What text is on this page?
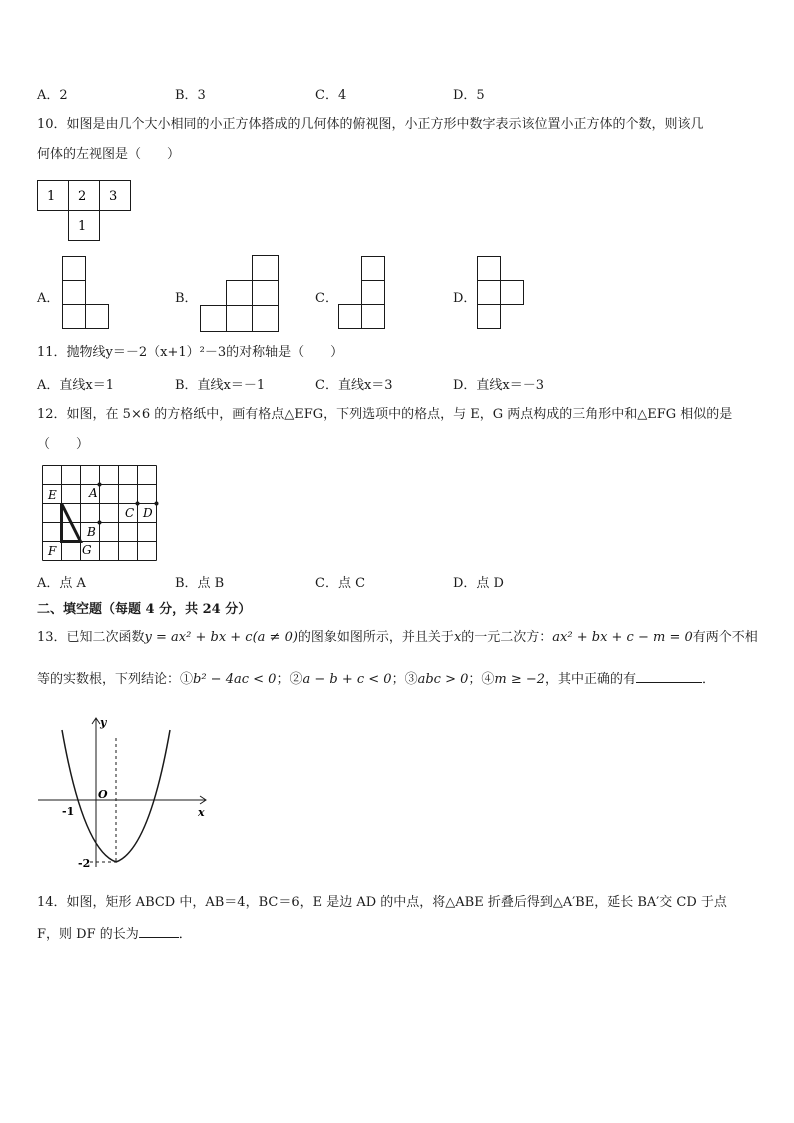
A．2	B．3	C．4	D．5
10．如图是由几个大小相同的小正方体搭成的几何体的俯视图，小正方形中数字表示该位置小正方体的个数，则该几
何体的左视图是（　　）
1 2 3
1
A．	B．	C．	D．
11．抛物线y＝－2（x+1）²－3的对称轴是（　　）
A．直线x＝1	B．直线x＝－1	C．直线x＝3	D．直线x＝－3
12．如图，在 5×6 的方格纸中，画有格点△EFG，下列选项中的格点，与 E，G 两点构成的三角形中和△EFG 相似的是
（　　）
E	A
C D
B
F G
A．点 A	B．点 B	C．点 C	D．点 D
二、填空题（每题 4 分，共 24 分）
13．已知二次函数y = ax² + bx + c(a ≠ 0)的图象如图所示，并且关于x的一元二次方：ax² + bx + c − m = 0有两个不相
等的实数根，下列结论：①b² − 4ac < 0；②a − b + c < 0；③abc > 0；④m ≥ −2，其中正确的有	．
y
x
O
-1
-2
14．如图，矩形 ABCD 中，AB＝4，BC＝6，E 是边 AD 的中点，将△ABE 折叠后得到△A′BE，延长 BA′交 CD 于点
F，则 DF 的长为	．
